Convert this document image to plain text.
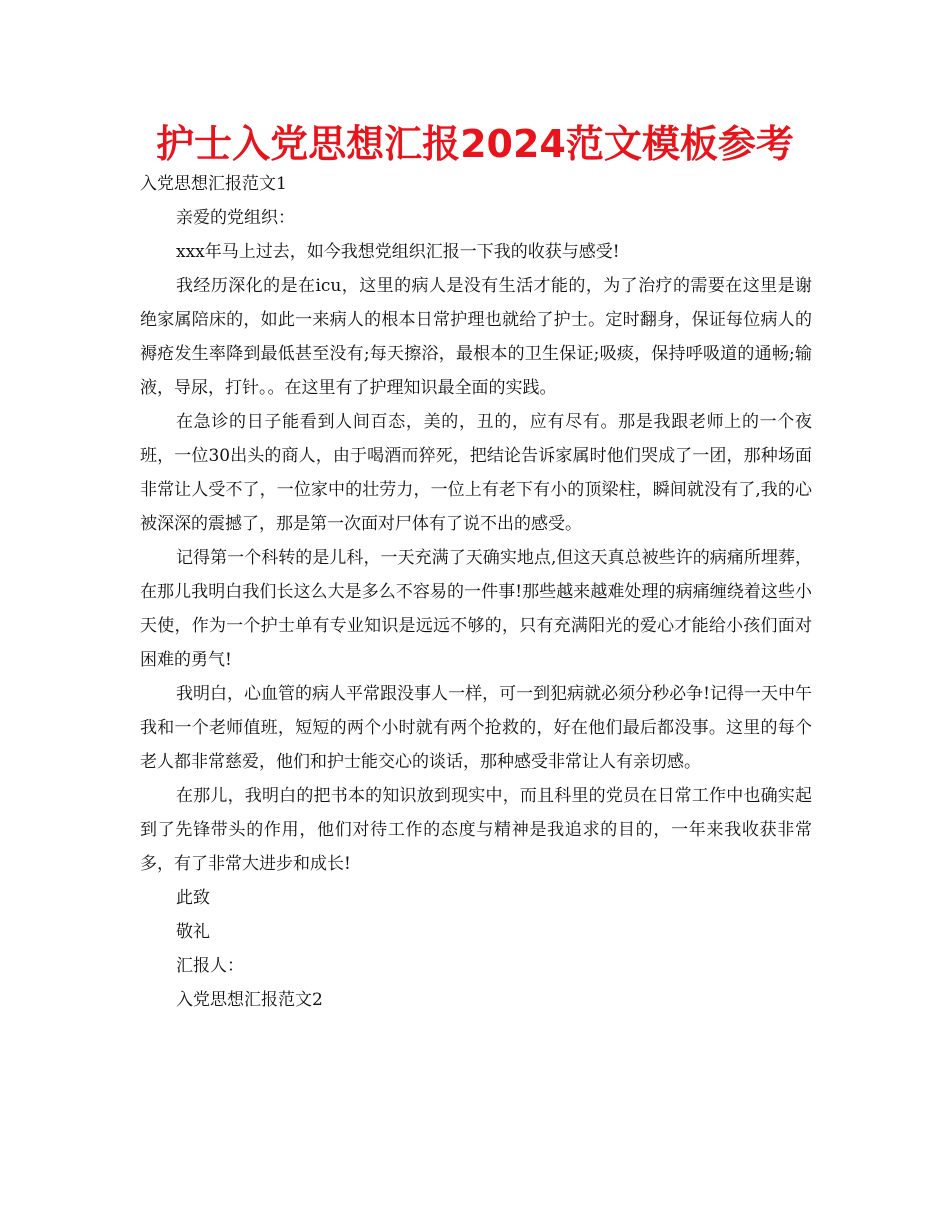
护士入党思想汇报2024范文模板参考

入党思想汇报范文1

亲爱的党组织：

xxx年马上过去，如今我想党组织汇报一下我的收获与感受!

我经历深化的是在icu，这里的病人是没有生活才能的，为了治疗的需要在这里是谢绝家属陪床的，如此一来病人的根本日常护理也就给了护士。定时翻身，保证每位病人的褥疮发生率降到最低甚至没有;每天擦浴，最根本的卫生保证;吸痰，保持呼吸道的通畅;输液，导尿，打针。。在这里有了护理知识最全面的实践。

在急诊的日子能看到人间百态，美的，丑的，应有尽有。那是我跟老师上的一个夜班，一位30出头的商人，由于喝酒而猝死，把结论告诉家属时他们哭成了一团，那种场面非常让人受不了，一位家中的壮劳力，一位上有老下有小的顶梁柱，瞬间就没有了,我的心被深深的震撼了，那是第一次面对尸体有了说不出的感受。

记得第一个科转的是儿科，一天充满了天确实地点,但这天真总被些许的病痛所埋葬，在那儿我明白我们长这么大是多么不容易的一件事!那些越来越难处理的病痛缠绕着这些小天使，作为一个护士单有专业知识是远远不够的，只有充满阳光的爱心才能给小孩们面对困难的勇气!

我明白，心血管的病人平常跟没事人一样，可一到犯病就必须分秒必争!记得一天中午我和一个老师值班，短短的两个小时就有两个抢救的，好在他们最后都没事。这里的每个老人都非常慈爱，他们和护士能交心的谈话，那种感受非常让人有亲切感。

在那儿，我明白的把书本的知识放到现实中，而且科里的党员在日常工作中也确实起到了先锋带头的作用，他们对待工作的态度与精神是我追求的目的，一年来我收获非常多，有了非常大进步和成长!

此致

敬礼

汇报人：

入党思想汇报范文2
